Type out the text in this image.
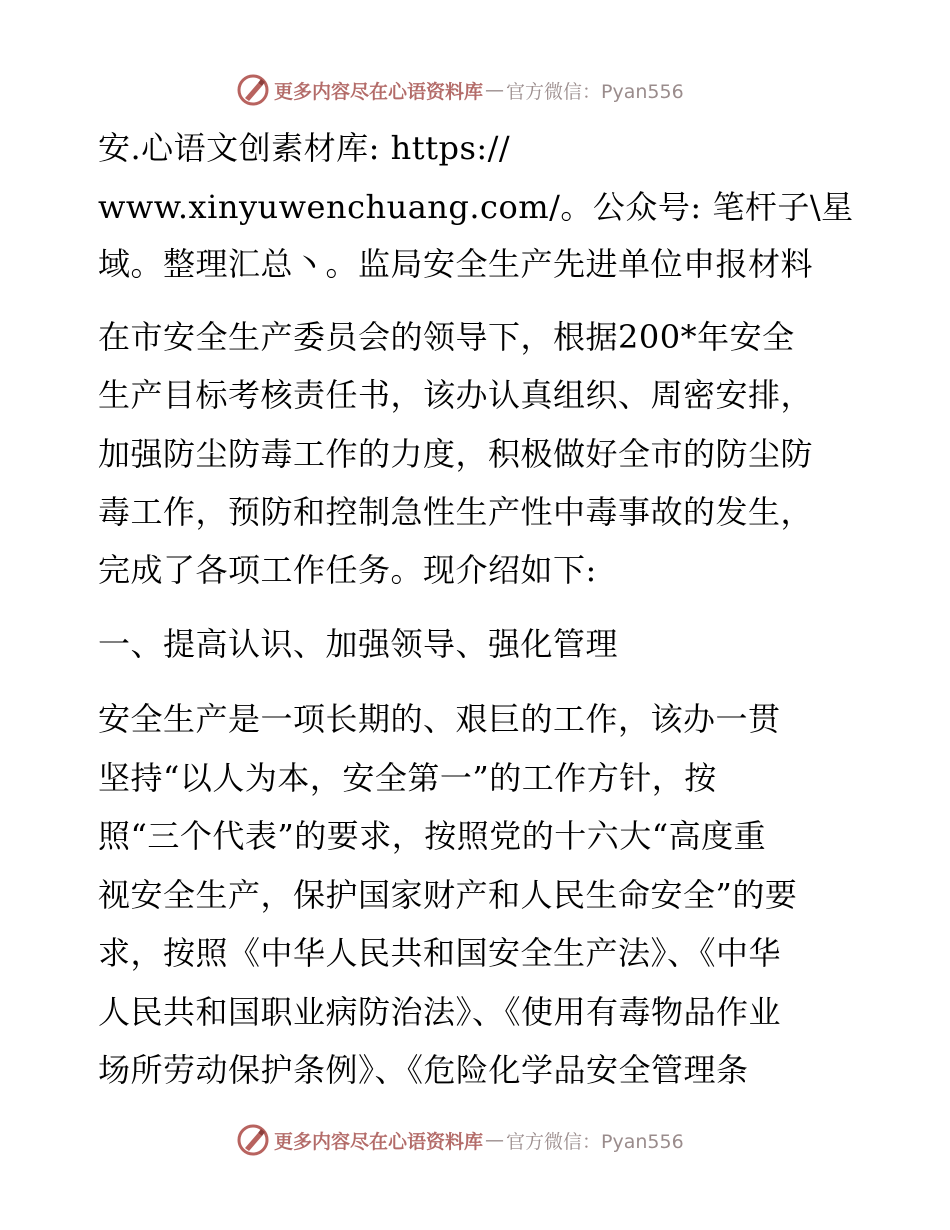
更多内容尽在心语资料库 — 官方微信：Pyan556
安.心语文创素材库: https://
www.xinyuwenchuang.com/。公众号: 笔杆子\星
域。整理汇总丶。监局安全生产先进单位申报材料
在市安全生产委员会的领导下，根据200*年安全
生产目标考核责任书，该办认真组织、周密安排，
加强防尘防毒工作的力度，积极做好全市的防尘防
毒工作，预防和控制急性生产性中毒事故的发生，
完成了各项工作任务。现介绍如下:
一、提高认识、加强领导、强化管理
安全生产是一项长期的、艰巨的工作，该办一贯
坚持“以人为本，安全第一”的工作方针，按
照“三个代表”的要求，按照党的十六大“高度重
视安全生产，保护国家财产和人民生命安全”的要
求，按照《中华人民共和国安全生产法》、《中华
人民共和国职业病防治法》、《使用有毒物品作业
场所劳动保护条例》、《危险化学品安全管理条
更多内容尽在心语资料库 — 官方微信：Pyan556
